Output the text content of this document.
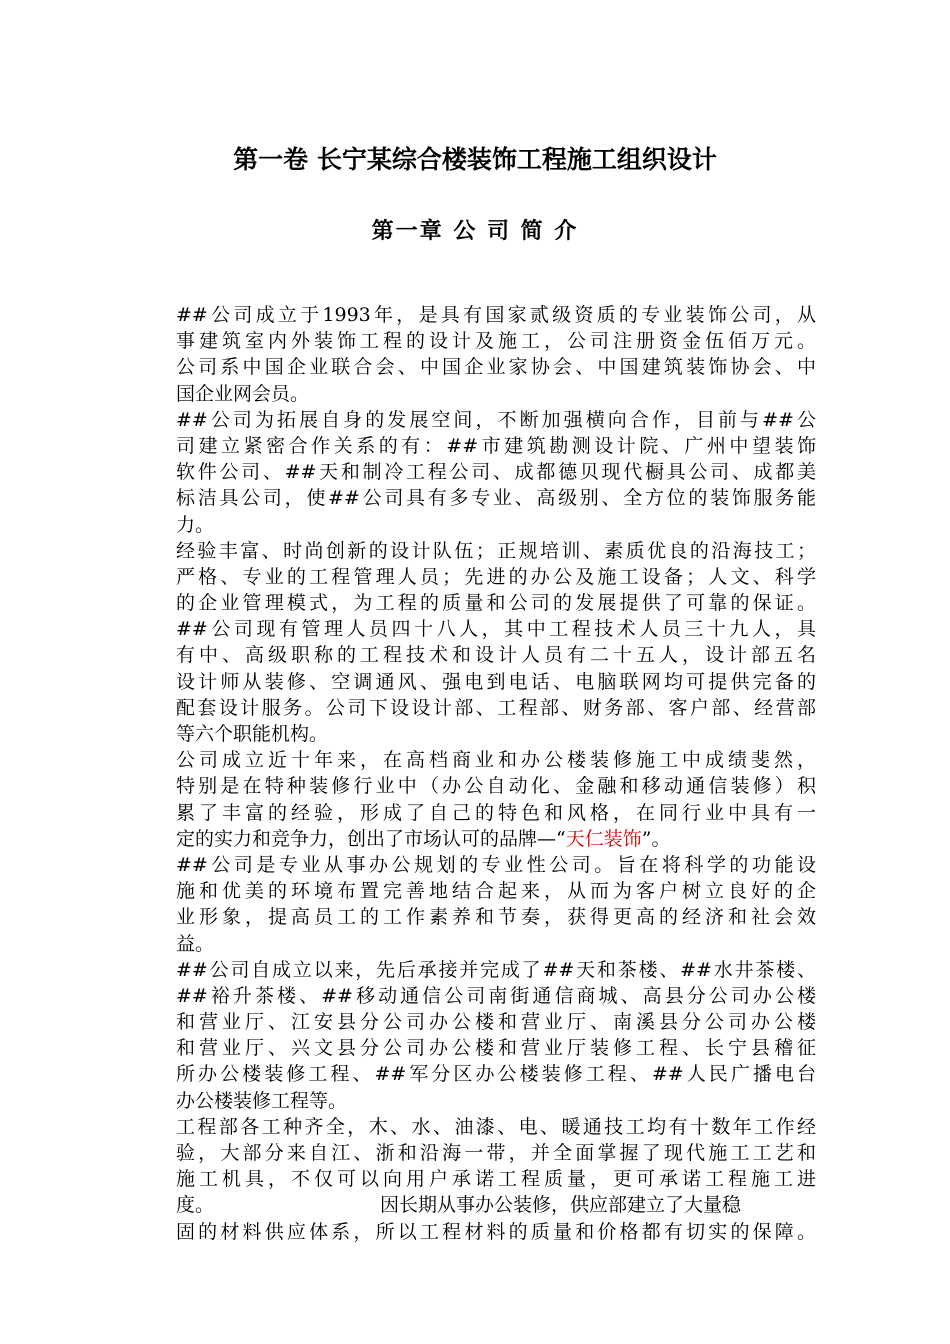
第一卷 长宁某综合楼装饰工程施工组织设计
第一章 公 司 简 介
##公司成立于1993年，是具有国家贰级资质的专业装饰公司，从
事建筑室内外装饰工程的设计及施工，公司注册资金伍佰万元。
公司系中国企业联合会、中国企业家协会、中国建筑装饰协会、中
国企业网会员。
##公司为拓展自身的发展空间，不断加强横向合作，目前与##公
司建立紧密合作关系的有：##市建筑勘测设计院、广州中望装饰
软件公司、##天和制冷工程公司、成都德贝现代橱具公司、成都美
标洁具公司，使##公司具有多专业、高级别、全方位的装饰服务能
力。
经验丰富、时尚创新的设计队伍；正规培训、素质优良的沿海技工；
严格、专业的工程管理人员；先进的办公及施工设备；人文、科学
的企业管理模式，为工程的质量和公司的发展提供了可靠的保证。
##公司现有管理人员四十八人，其中工程技术人员三十九人，具
有中、高级职称的工程技术和设计人员有二十五人，设计部五名
设计师从装修、空调通风、强电到电话、电脑联网均可提供完备的
配套设计服务。公司下设设计部、工程部、财务部、客户部、经营部
等六个职能机构。
公司成立近十年来，在高档商业和办公楼装修施工中成绩斐然，
特别是在特种装修行业中（办公自动化、金融和移动通信装修）积
累了丰富的经验，形成了自己的特色和风格，在同行业中具有一
定的实力和竞争力，创出了市场认可的品牌—“天仁装饰”。
##公司是专业从事办公规划的专业性公司。旨在将科学的功能设
施和优美的环境布置完善地结合起来，从而为客户树立良好的企
业形象，提高员工的工作素养和节奏，获得更高的经济和社会效
益。
##公司自成立以来，先后承接并完成了##天和茶楼、##水井茶楼、
##裕升茶楼、##移动通信公司南街通信商城、高县分公司办公楼
和营业厅、江安县分公司办公楼和营业厅、南溪县分公司办公楼
和营业厅、兴文县分公司办公楼和营业厅装修工程、长宁县稽征
所办公楼装修工程、##军分区办公楼装修工程、##人民广播电台
办公楼装修工程等。
工程部各工种齐全，木、水、油漆、电、暖通技工均有十数年工作经
验，大部分来自江、浙和沿海一带，并全面掌握了现代施工工艺和
施工机具，不仅可以向用户承诺工程质量，更可承诺工程施工进
度。	因长期从事办公装修，供应部建立了大量稳
固的材料供应体系，所以工程材料的质量和价格都有切实的保障。
